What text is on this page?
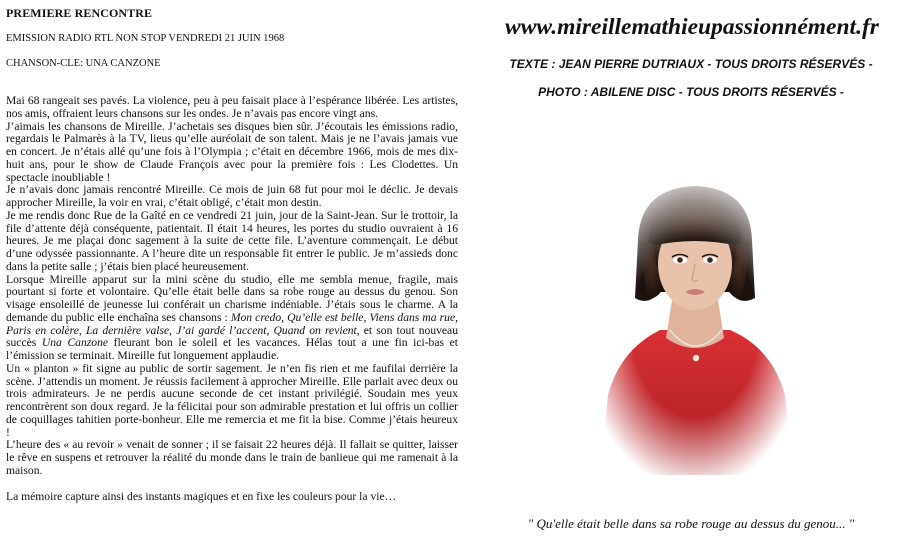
PREMIERE RENCONTRE
EMISSION RADIO RTL NON STOP VENDREDI 21 JUIN 1968
CHANSON-CLE: UNA CANZONE

Mai 68 rangeait ses pavés. La violence, peu à peu faisait place à l’espérance libérée. Les artistes, nos amis, offraient leurs chansons sur les ondes. Je n’avais pas encore vingt ans.

J’aimais les chansons de Mireille. J’achetais ses disques bien sûr. J’écoutais les émissions radio, regardais le Palmarès à la TV, lieus qu’elle auréolait de son talent. Mais je ne l’avais jamais vue en concert. Je n’étais allé qu’une fois à l’Olympia ; c’était en décembre 1966, mois de mes dix-huit ans, pour le show de Claude François avec pour la première fois : Les Clodettes. Un spectacle inoubliable !

Je n’avais donc jamais rencontré Mireille. Ce mois de juin 68 fut pour moi le déclic. Je devais approcher Mireille, la voir en vrai, c’était obligé, c’était mon destin.

Je me rendis donc Rue de la Gaîté en ce vendredi 21 juin, jour de la Saint-Jean. Sur le trottoir, la file d’attente déjà conséquente, patientait. Il était 14 heures, les portes du studio ouvraient à 16 heures. Je me plaçai donc sagement à la suite de cette file. L’aventure commençait. Le début d’une odyssée passionnante. A l’heure dite un responsable fit entrer le public. Je m’assieds donc dans la petite salle ; j’étais bien placé heureusement.

Lorsque Mireille apparut sur la mini scène du studio, elle me sembla menue, fragile, mais pourtant si forte et volontaire. Qu’elle était belle dans sa robe rouge au dessus du genou. Son visage ensoleillé de jeunesse lui conférait un charisme indéniable. J’étais sous le charme. A la demande du public elle enchaîna ses chansons : Mon credo, Qu’elle est belle, Viens dans ma rue, Paris en colère, La dernière valse, J’ai gardé l’accent, Quand on revient, et son tout nouveau succès Una Canzone fleurant bon le soleil et les vacances. Hélas tout a une fin ici-bas et l’émission se terminait. Mireille fut longuement applaudie.

Un « planton » fit signe au public de sortir sagement. Je n’en fis rien et me faufilai derrière la scène. J’attendis un moment. Je réussis facilement à approcher Mireille. Elle parlait avec deux ou trois admirateurs. Je ne perdis aucune seconde de cet instant privilégié. Soudain mes yeux rencontrèrent son doux regard. Je la félicitai pour son admirable prestation et lui offris un collier de coquillages tahitien porte-bonheur. Elle me remercia et me fit la bise. Comme j’étais heureux !

L’heure des « au revoir » venait de sonner ; il se faisait 22 heures déjà. Il fallait se quitter, laisser le rêve en suspens et retrouver la réalité du monde dans le train de banlieue qui me ramenait à la maison.

La mémoire capture ainsi des instants magiques et en fixe les couleurs pour la vie…
www.mireillemathieupassionnément.fr
TEXTE : JEAN PIERRE DUTRIAUX - TOUS DROITS RÉSERVÉS -
PHOTO : ABILENE DISC - TOUS DROITS RÉSERVÉS -
" Qu'elle était belle dans sa robe rouge au dessus du genou... "
